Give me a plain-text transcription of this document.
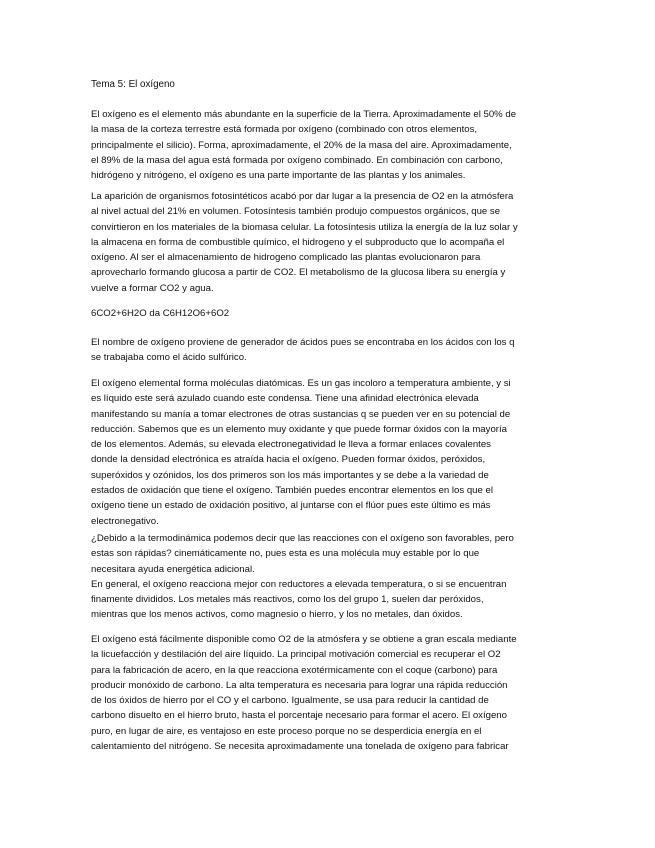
Tema 5: El oxígeno

El oxígeno es el elemento más abundante en la superficie de la Tierra. Aproximadamente el 50% de
la masa de la corteza terrestre está formada por oxígeno (combinado con otros elementos,
principalmente el silicio). Forma, aproximadamente, el 20% de la masa del aire. Aproximadamente,
el 89% de la masa del agua está formada por oxígeno combinado. En combinación con carbono,
hidrógeno y nitrógeno, el oxígeno es una parte importante de las plantas y los animales.

La aparición de organismos fotosintéticos acabó por dar lugar a la presencia de O2 en la atmósfera
al nivel actual del 21% en volumen. Fotosíntesis también produjo compuestos orgánicos, que se
convirtieron en los materiales de la biomasa celular. La fotosíntesis utiliza la energía de la luz solar y
la almacena en forma de combustible químico, el hidrogeno y el subproducto que lo acompaña el
oxígeno. Al ser el almacenamiento de hidrogeno complicado las plantas evolucionaron para
aprovecharlo formando glucosa a partir de CO2. El metabolismo de la glucosa libera su energía y
vuelve a formar CO2 y agua.

6CO2+6H2O da C6H12O6+6O2

El nombre de oxígeno proviene de generador de ácidos pues se encontraba en los ácidos con los q
se trabajaba como el ácido sulfúrico.

El oxígeno elemental forma moléculas diatómicas. Es un gas incoloro a temperatura ambiente, y si
es líquido este será azulado cuando este condensa. Tiene una afinidad electrónica elevada
manifestando su manía a tomar electrones de otras sustancias q se pueden ver en su potencial de
reducción. Sabemos que es un elemento muy oxidante y que puede formar óxidos con la mayoría
de los elementos. Además, su elevada electronegatividad le lleva a formar enlaces covalentes
donde la densidad electrónica es atraída hacia el oxígeno. Pueden formar óxidos, peróxidos,
superóxidos y ozónidos, los dos primeros son los más importantes y se debe a la variedad de
estados de oxidación que tiene el oxígeno. También puedes encontrar elementos en los que el
oxígeno tiene un estado de oxidación positivo, al juntarse con el flúor pues este último es más
electronegativo.

¿Debido a la termodinámica podemos decir que las reacciones con el oxígeno son favorables, pero
estas son rápidas? cinemáticamente no, pues esta es una molécula muy estable por lo que
necesitara ayuda energética adicional.
En general, el oxígeno reacciona mejor con reductores a elevada temperatura, o si se encuentran
finamente divididos. Los metales más reactivos, como los del grupo 1, suelen dar peróxidos,
mientras que los menos activos, como magnesio o hierro, y los no metales, dan óxidos.

El oxígeno está fácilmente disponible como O2 de la atmósfera y se obtiene a gran escala mediante
la licuefacción y destilación del aire líquido. La principal motivación comercial es recuperar el O2
para la fabricación de acero, en la que reacciona exotérmicamente con el coque (carbono) para
producir monóxido de carbono. La alta temperatura es necesaria para lograr una rápida reducción
de los óxidos de hierro por el CO y el carbono. Igualmente, se usa para reducir la cantidad de
carbono disuelto en el hierro bruto, hasta el porcentaje necesario para formar el acero. El oxígeno
puro, en lugar de aire, es ventajoso en este proceso porque no se desperdicia energía en el
calentamiento del nitrógeno. Se necesita aproximadamente una tonelada de oxígeno para fabricar
